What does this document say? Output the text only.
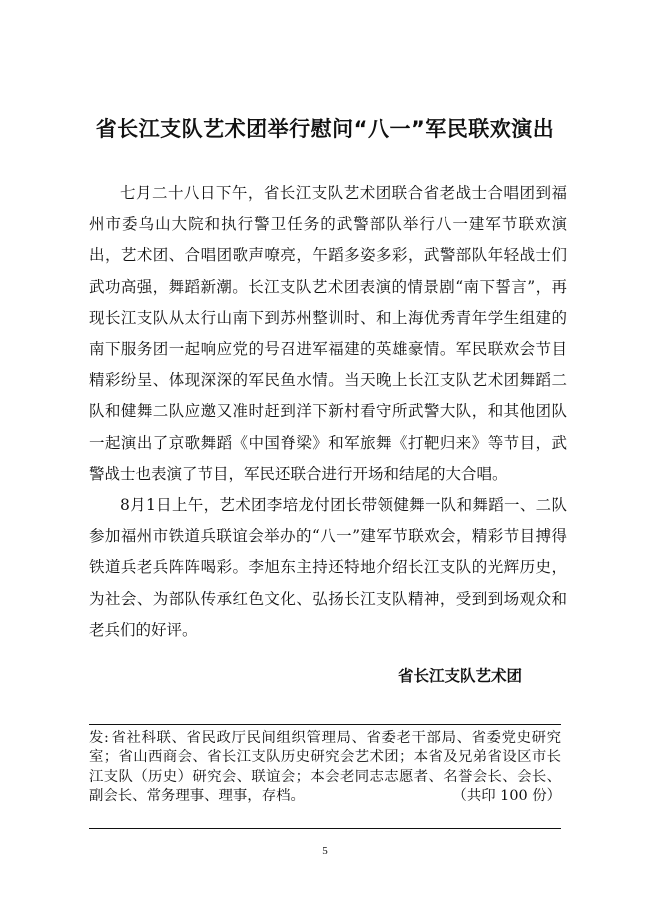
省长江支队艺术团举行慰问“八一”军民联欢演出

七月二十八日下午，省长江支队艺术团联合省老战士合唱团到福州市委乌山大院和执行警卫任务的武警部队举行八一建军节联欢演出，艺术团、合唱团歌声嘹亮，午蹈多姿多彩，武警部队年轻战士们武功高强，舞蹈新潮。长江支队艺术团表演的情景剧“南下誓言”，再现长江支队从太行山南下到苏州整训时、和上海优秀青年学生组建的南下服务团一起响应党的号召进军福建的英雄豪情。军民联欢会节目精彩纷呈、体现深深的军民鱼水情。当天晚上长江支队艺术团舞蹈二队和健舞二队应邀又准时赶到洋下新村看守所武警大队，和其他团队一起演出了京歌舞蹈《中国脊梁》和军旅舞《打靶归来》等节目，武警战士也表演了节目，军民还联合进行开场和结尾的大合唱。

8月1日上午，艺术团李培龙付团长带领健舞一队和舞蹈一、二队参加福州市铁道兵联谊会举办的“八一”建军节联欢会，精彩节目搏得铁道兵老兵阵阵喝彩。李旭东主持还特地介绍长江支队的光辉历史，为社会、为部队传承红色文化、弘扬长江支队精神，受到到场观众和老兵们的好评。

省长江支队艺术团
发: 省社科联、省民政厅民间组织管理局、省委老干部局、省委党史研究室；省山西商会、省长江支队历史研究会艺术团；本省及兄弟省设区市长江支队（历史）研究会、联谊会；本会老同志志愿者、名誉会长、会长、副会长、常务理事、理事，存档。	（共印 100 份）
5
